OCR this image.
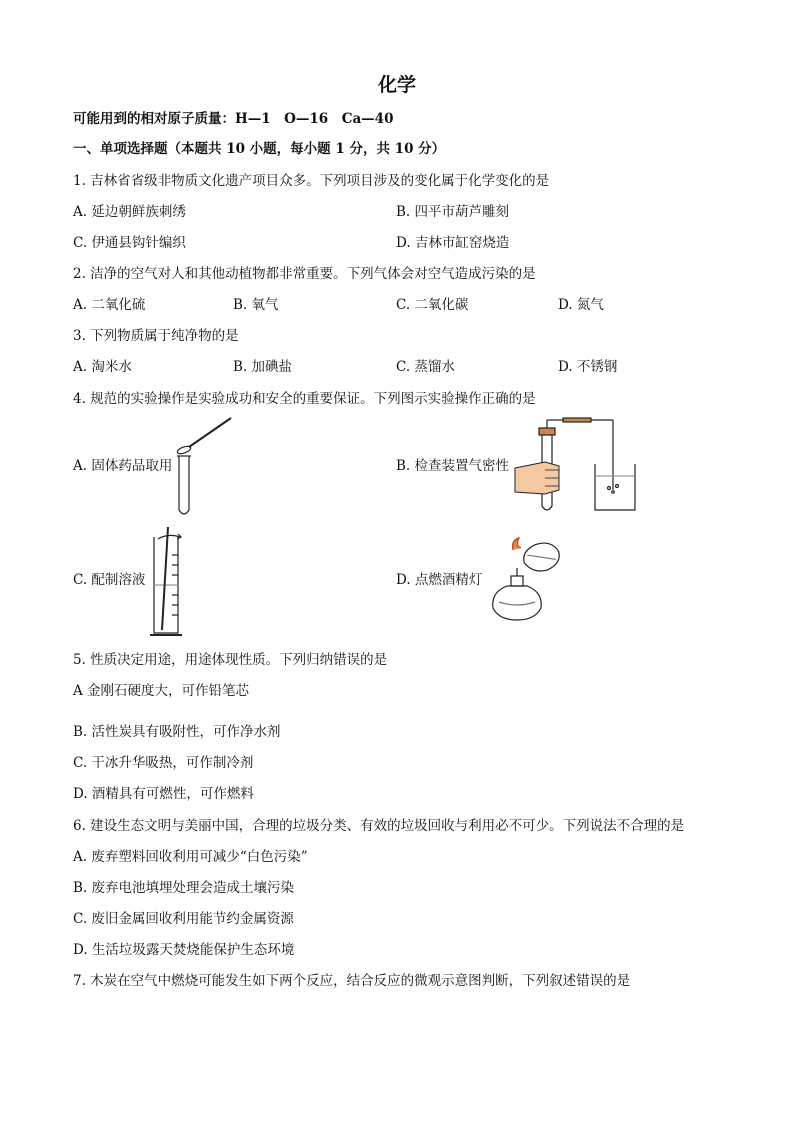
化学
可能用到的相对原子质量：H—1　O—16　Ca—40
一、单项选择题（本题共 10 小题，每小题 1 分，共 10 分）
1. 吉林省省级非物质文化遗产项目众多。下列项目涉及的变化属于化学变化的是
A. 延边朝鲜族刺绣	B. 四平市葫芦雕刻
C. 伊通县钩针编织	D. 吉林市缸窑烧造
2. 洁净的空气对人和其他动植物都非常重要。下列气体会对空气造成污染的是
A. 二氧化硫	B. 氧气	C. 二氧化碳	D. 氮气
3. 下列物质属于纯净物的是
A. 淘米水	B. 加碘盐	C. 蒸馏水	D. 不锈钢
4. 规范的实验操作是实验成功和安全的重要保证。下列图示实验操作正确的是
A. 固体药品取用	B. 检查装置气密性
C. 配制溶液	D. 点燃酒精灯
5. 性质决定用途，用途体现性质。下列归纳错误的是
A 金刚石硬度大，可作铅笔芯
B. 活性炭具有吸附性，可作净水剂
C. 干冰升华吸热，可作制冷剂
D. 酒精具有可燃性，可作燃料
6. 建设生态文明与美丽中国，合理的垃圾分类、有效的垃圾回收与利用必不可少。下列说法不合理的是
A. 废弃塑料回收利用可减少“白色污染”
B. 废弃电池填埋处理会造成土壤污染
C. 废旧金属回收利用能节约金属资源
D. 生活垃圾露天焚烧能保护生态环境
7. 木炭在空气中燃烧可能发生如下两个反应，结合反应的微观示意图判断，下列叙述错误的是
